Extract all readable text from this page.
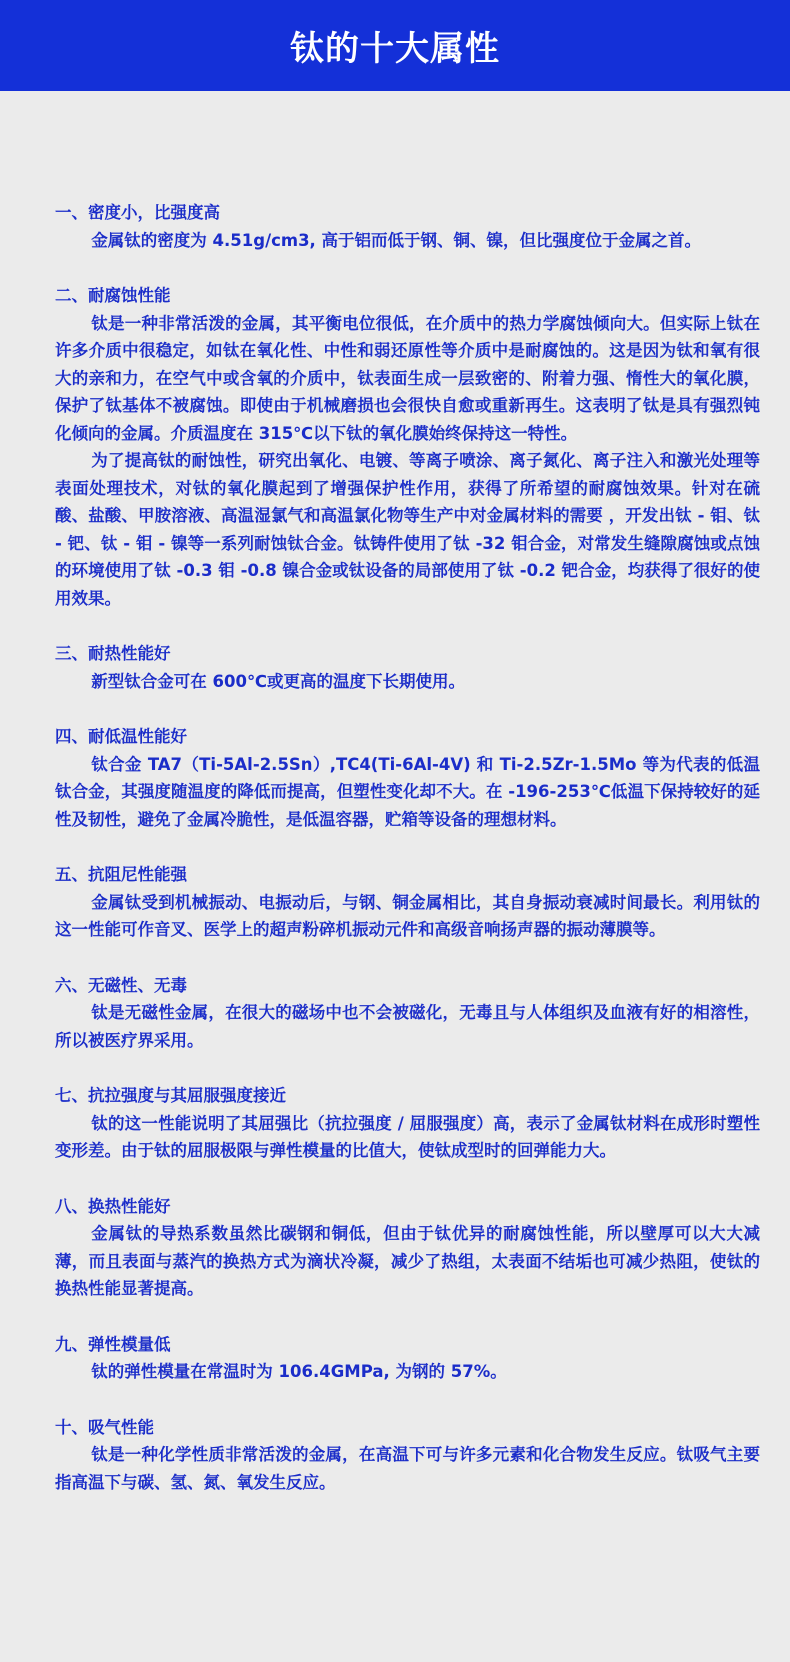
钛的十大属性
一、密度小，比强度高

金属钛的密度为 4.51g/cm3, 高于铝而低于钢、铜、镍，但比强度位于金属之首。

二、耐腐蚀性能

钛是一种非常活泼的金属，其平衡电位很低，在介质中的热力学腐蚀倾向大。但实际上钛在许多介质中很稳定，如钛在氧化性、中性和弱还原性等介质中是耐腐蚀的。这是因为钛和氧有很大的亲和力，在空气中或含氧的介质中，钛表面生成一层致密的、附着力强、惰性大的氧化膜，保护了钛基体不被腐蚀。即使由于机械磨损也会很快自愈或重新再生。这表明了钛是具有强烈钝化倾向的金属。介质温度在 315℃以下钛的氧化膜始终保持这一特性。

为了提高钛的耐蚀性，研究出氧化、电镀、等离子喷涂、离子氮化、离子注入和激光处理等表面处理技术，对钛的氧化膜起到了增强保护性作用，获得了所希望的耐腐蚀效果。针对在硫酸、盐酸、甲胺溶液、高温湿氯气和高温氯化物等生产中对金属材料的需要 ，开发出钛 - 钼、钛 - 钯、钛 - 钼 - 镍等一系列耐蚀钛合金。钛铸件使用了钛 -32 钼合金，对常发生缝隙腐蚀或点蚀的环境使用了钛 -0.3 钼 -0.8 镍合金或钛设备的局部使用了钛 -0.2 钯合金，均获得了很好的使用效果。

三、耐热性能好

新型钛合金可在 600℃或更高的温度下长期使用。

四、耐低温性能好

钛合金 TA7（Ti-5Al-2.5Sn）,TC4(Ti-6Al-4V) 和 Ti-2.5Zr-1.5Mo 等为代表的低温钛合金，其强度随温度的降低而提高，但塑性变化却不大。在 -196-253℃低温下保持较好的延性及韧性，避免了金属冷脆性，是低温容器，贮箱等设备的理想材料。

五、抗阻尼性能强

金属钛受到机械振动、电振动后，与钢、铜金属相比，其自身振动衰减时间最长。利用钛的这一性能可作音叉、医学上的超声粉碎机振动元件和高级音响扬声器的振动薄膜等。

六、无磁性、无毒

钛是无磁性金属，在很大的磁场中也不会被磁化，无毒且与人体组织及血液有好的相溶性，所以被医疗界采用。

七、抗拉强度与其屈服强度接近

钛的这一性能说明了其屈强比（抗拉强度 / 屈服强度）高，表示了金属钛材料在成形时塑性变形差。由于钛的屈服极限与弹性模量的比值大，使钛成型时的回弹能力大。

八、换热性能好

金属钛的导热系数虽然比碳钢和铜低，但由于钛优异的耐腐蚀性能，所以壁厚可以大大减薄，而且表面与蒸汽的换热方式为滴状冷凝，减少了热组，太表面不结垢也可减少热阻，使钛的换热性能显著提高。

九、弹性模量低

钛的弹性模量在常温时为 106.4GMPa, 为钢的 57%。

十、吸气性能

钛是一种化学性质非常活泼的金属，在高温下可与许多元素和化合物发生反应。钛吸气主要指高温下与碳、氢、氮、氧发生反应。
